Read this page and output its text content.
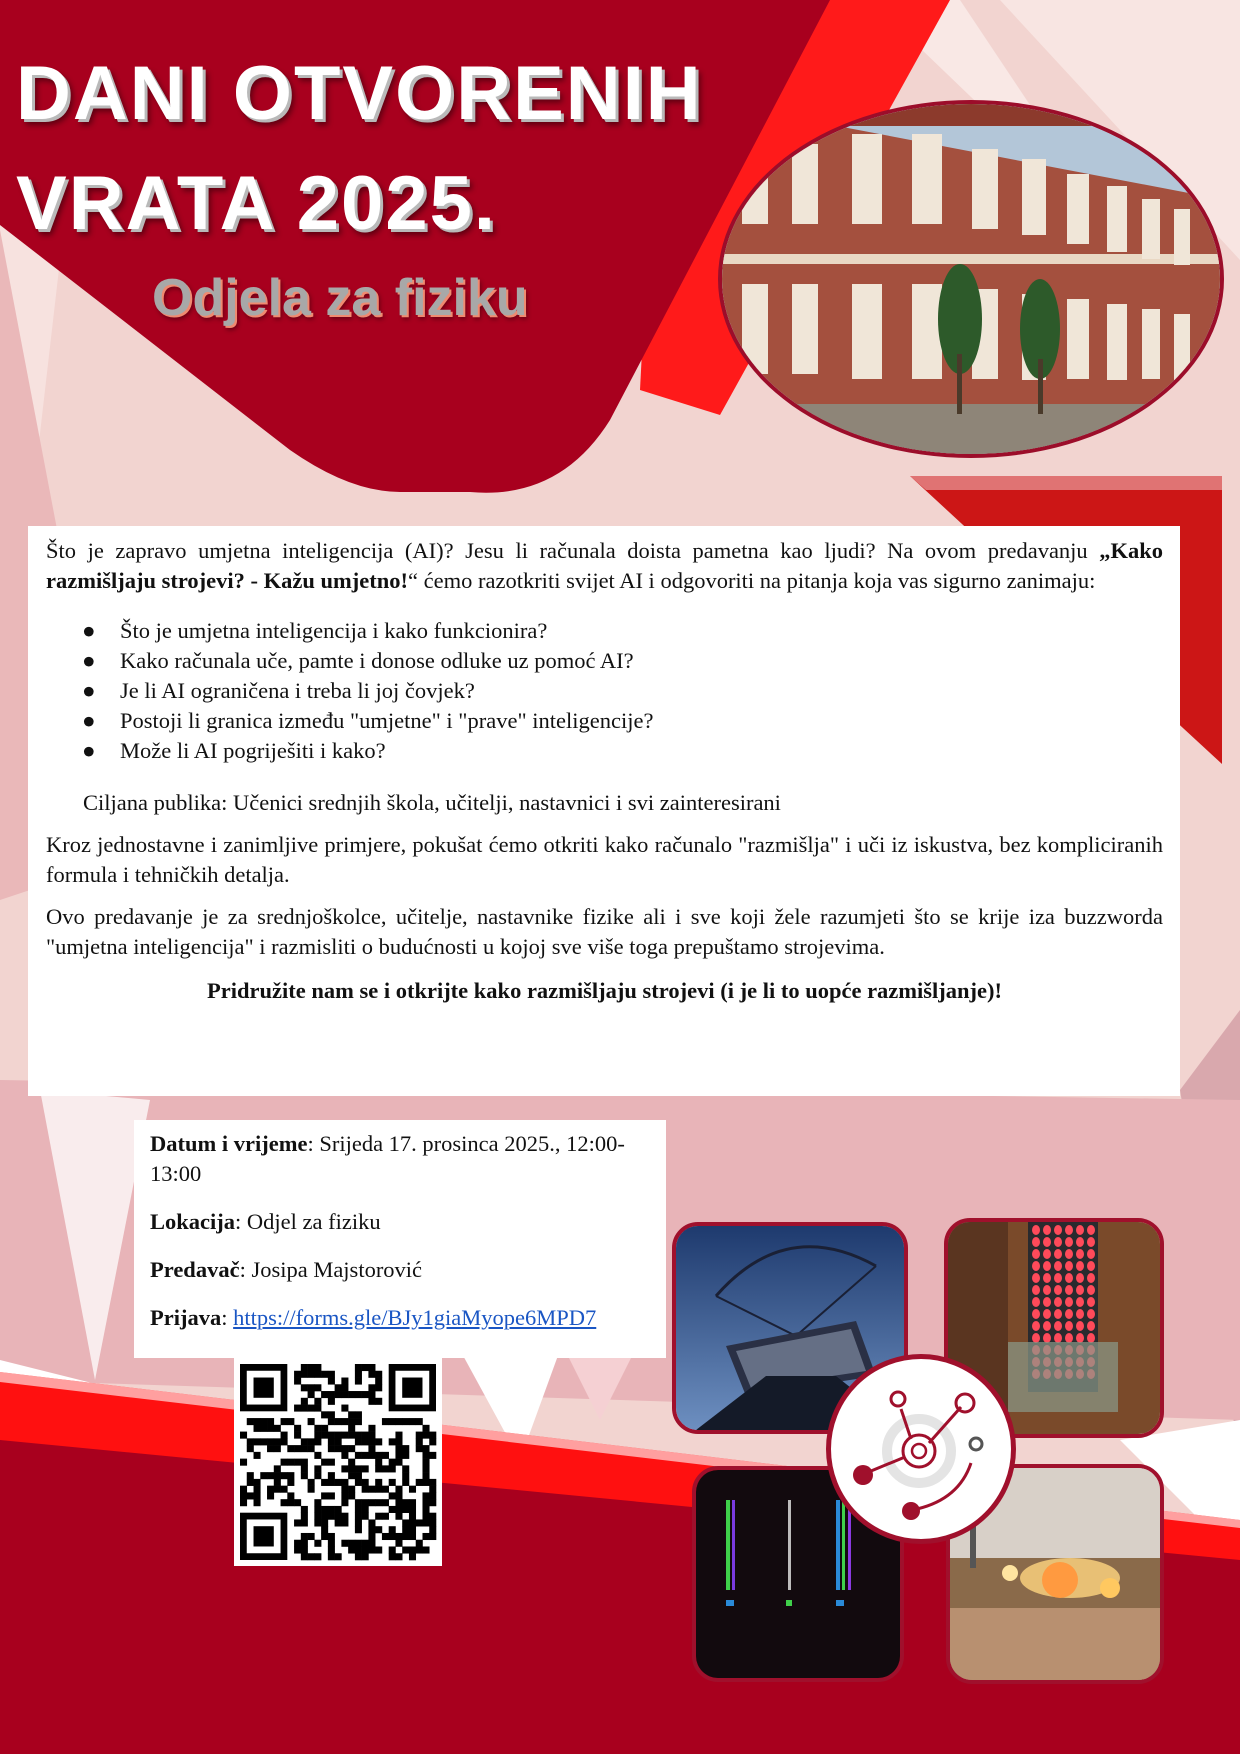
DANI OTVORENIH

VRATA 2025.

Odjela za fiziku

Što je zapravo umjetna inteligencija (AI)? Jesu li računala doista pametna kao ljudi? Na ovom predavanju „Kako razmišljaju strojevi? - Kažu umjetno!“ ćemo razotkriti svijet AI i odgovoriti na pitanja koja vas sigurno zanimaju:

● Što je umjetna inteligencija i kako funkcionira?
● Kako računala uče, pamte i donose odluke uz pomoć AI?
● Je li AI ograničena i treba li joj čovjek?
● Postoji li granica između "umjetne" i "prave" inteligencije?
● Može li AI pogriješiti i kako?

Ciljana publika: Učenici srednjih škola, učitelji, nastavnici i svi zainteresirani

Kroz jednostavne i zanimljive primjere, pokušat ćemo otkriti kako računalo "razmišlja" i uči iz iskustva, bez kompliciranih formula i tehničkih detalja.

Ovo predavanje je za srednjoškolce, učitelje, nastavnike fizike ali i sve koji žele razumjeti što se krije iza buzzworda "umjetna inteligencija" i razmisliti o budućnosti u kojoj sve više toga prepuštamo strojevima.

Pridružite nam se i otkrijte kako razmišljaju strojevi (i je li to uopće razmišljanje)!

Datum i vrijeme: Srijeda 17. prosinca 2025., 12:00-13:00

Lokacija: Odjel za fiziku

Predavač: Josipa Majstorović

Prijava: https://forms.gle/BJy1giaMyope6MPD7
